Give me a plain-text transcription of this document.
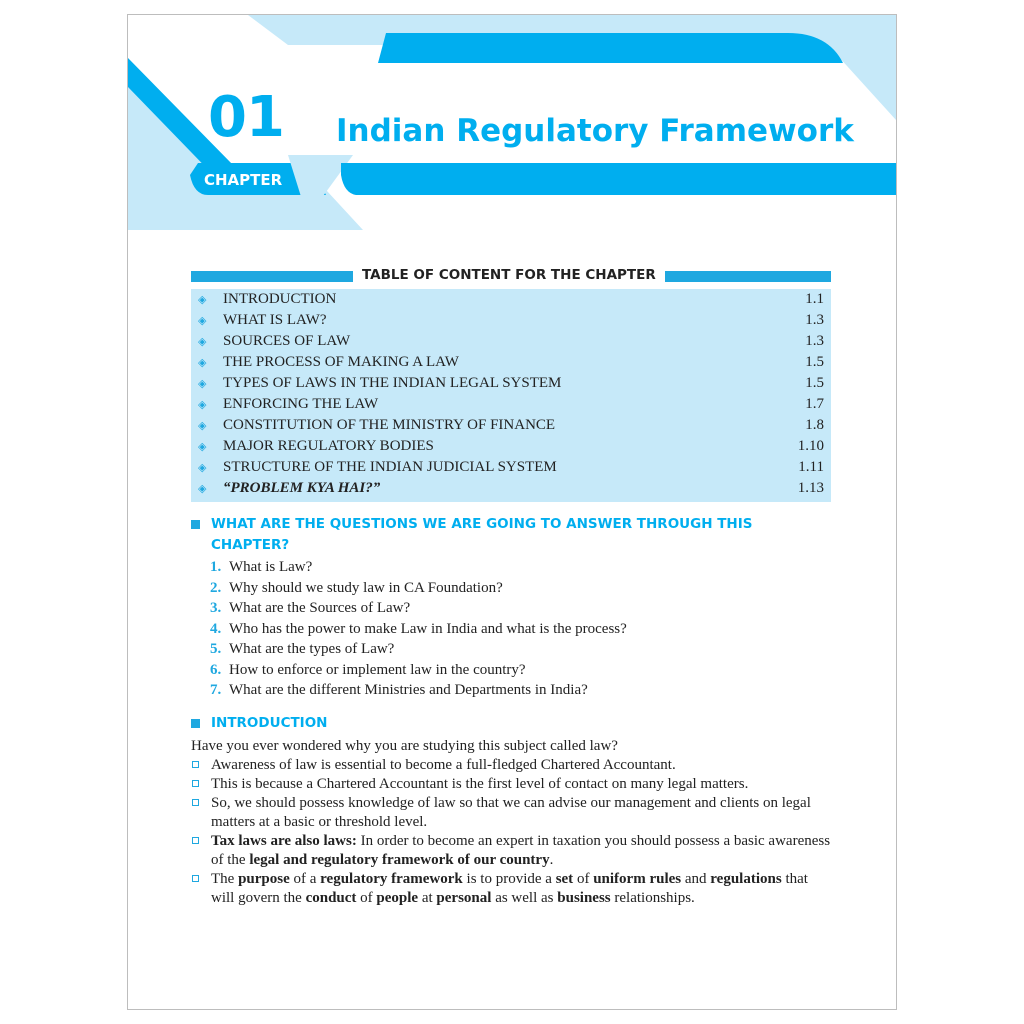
01
CHAPTER
Indian Regulatory Framework
TABLE OF CONTENT FOR THE CHAPTER
◈	INTRODUCTION	1.1
◈	WHAT IS LAW?	1.3
◈	SOURCES OF LAW	1.3
◈	THE PROCESS OF MAKING A LAW	1.5
◈	TYPES OF LAWS IN THE INDIAN LEGAL SYSTEM	1.5
◈	ENFORCING THE LAW	1.7
◈	CONSTITUTION OF THE MINISTRY OF FINANCE	1.8
◈	MAJOR REGULATORY BODIES	1.10
◈	STRUCTURE OF THE INDIAN JUDICIAL SYSTEM	1.11
◈	“PROBLEM KYA HAI?”	1.13
WHAT ARE THE QUESTIONS WE ARE GOING TO ANSWER THROUGH THIS
CHAPTER?
1. What is Law?
2. Why should we study law in CA Foundation?
3. What are the Sources of Law?
4. Who has the power to make Law in India and what is the process?
5. What are the types of Law?
6. How to enforce or implement law in the country?
7. What are the different Ministries and Departments in India?
INTRODUCTION
Have you ever wondered why you are studying this subject called law?
Awareness of law is essential to become a full-fledged Chartered Accountant.
This is because a Chartered Accountant is the first level of contact on many legal matters.
So, we should possess knowledge of law so that we can advise our management and clients on legal matters at a basic or threshold level.
Tax laws are also laws: In order to become an expert in taxation you should possess a basic awareness of the legal and regulatory framework of our country.
The purpose of a regulatory framework is to provide a set of uniform rules and regulations that will govern the conduct of people at personal as well as business relationships.
